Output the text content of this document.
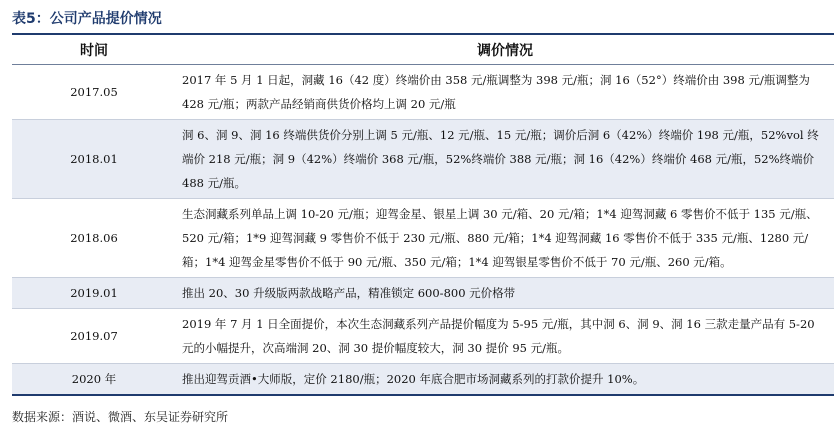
表5：公司产品提价情况
时间	调价情况
2017.05	2017 年 5 月 1 日起，洞藏 16（42 度）终端价由 358 元/瓶调整为 398 元/瓶；洞 16（52°）终端价由 398 元/瓶调整为 428 元/瓶；两款产品经销商供货价格均上调 20 元/瓶
2018.01	洞 6、洞 9、洞 16 终端供货价分别上调 5 元/瓶、12 元/瓶、15 元/瓶；调价后洞 6（42%）终端价 198 元/瓶，52%vol 终端价 218 元/瓶；洞 9（42%）终端价 368 元/瓶，52%终端价 388 元/瓶；洞 16（42%）终端价 468 元/瓶，52%终端价 488 元/瓶。
2018.06	生态洞藏系列单品上调 10-20 元/瓶；迎驾金星、银星上调 30 元/箱、20 元/箱；1*4 迎驾洞藏 6 零售价不低于 135 元/瓶、520 元/箱；1*9 迎驾洞藏 9 零售价不低于 230 元/瓶、880 元/箱；1*4 迎驾洞藏 16 零售价不低于 335 元/瓶、1280 元/箱；1*4 迎驾金星零售价不低于 90 元/瓶、350 元/箱；1*4 迎驾银星零售价不低于 70 元/瓶、260 元/箱。
2019.01	推出 20、30 升级版两款战略产品，精准锁定 600-800 元价格带
2019.07	2019 年 7 月 1 日全面提价，本次生态洞藏系列产品提价幅度为 5-95 元/瓶，其中洞 6、洞 9、洞 16 三款走量产品有 5-20 元的小幅提升，次高端洞 20、洞 30 提价幅度较大，洞 30 提价 95 元/瓶。
2020 年	推出迎驾贡酒•大师版，定价 2180/瓶；2020 年底合肥市场洞藏系列的打款价提升 10%。
数据来源：酒说、微酒、东吴证券研究所
